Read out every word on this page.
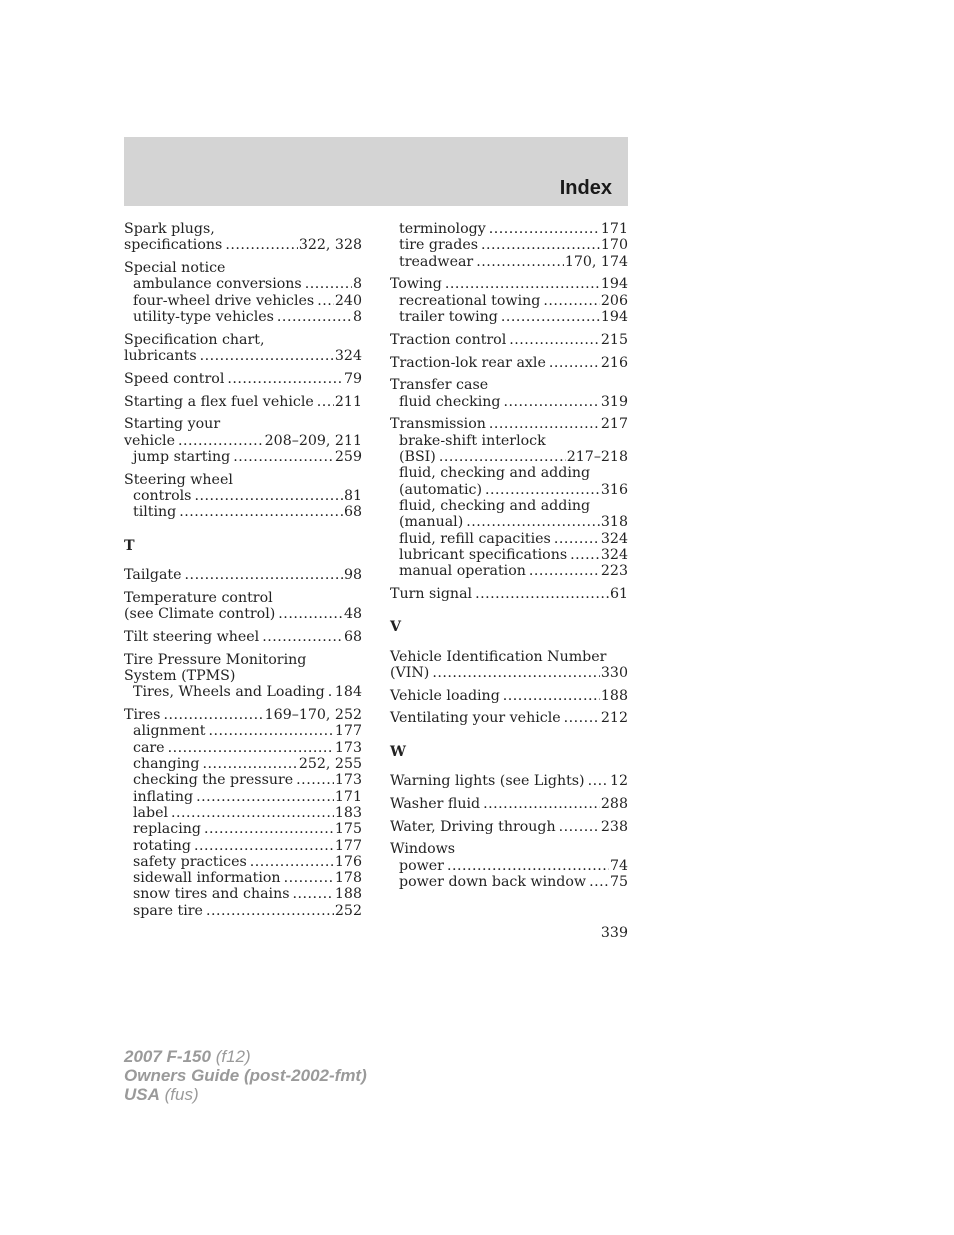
Index
Spark plugs,
specifications .....	322, 328
Special notice
ambulance conversions .....	8
four-wheel drive vehicles ..... 240
utility-type vehicles .....	8
Specification chart,
lubricants .....	324
Speed control .....	79
Starting a flex fuel vehicle ..... 211
Starting your
vehicle .....	208–209, 211
jump starting .....	259
Steering wheel
controls .....	81
tilting .....	68
T
Tailgate .....	98
Temperature control
(see Climate control) .....	48
Tilt steering wheel .....	68
Tire Pressure Monitoring
System (TPMS)
Tires, Wheels and Loading ..... 184
Tires .....	169–170, 252
alignment .....	177
care .....	173
changing .....	252, 255
checking the pressure .....	173
inflating .....	171
label .....	183
replacing .....	175
rotating .....	177
safety practices .....	176
sidewall information .....	178
snow tires and chains .....	188
spare tire .....	252
terminology .....	171
tire grades .....	170
treadwear .....	170, 174
Towing .....	194
recreational towing .....	206
trailer towing .....	194
Traction control .....	215
Traction-lok rear axle .....	216
Transfer case
fluid checking .....	319
Transmission .....	217
brake-shift interlock
(BSI) .....	217–218
fluid, checking and adding
(automatic) .....	316
fluid, checking and adding
(manual) .....	318
fluid, refill capacities .....	324
lubricant specifications ..... 324
manual operation .....	223
Turn signal .....	61
V
Vehicle Identification Number
(VIN) .....	330
Vehicle loading .....	188
Ventilating your vehicle .....	212
W
Warning lights (see Lights) ..... 12
Washer fluid .....	288
Water, Driving through .....	238
Windows
power .....	74
power down back window ..... 75
339
2007 F-150 (f12)
Owners Guide (post-2002-fmt)
USA (fus)
